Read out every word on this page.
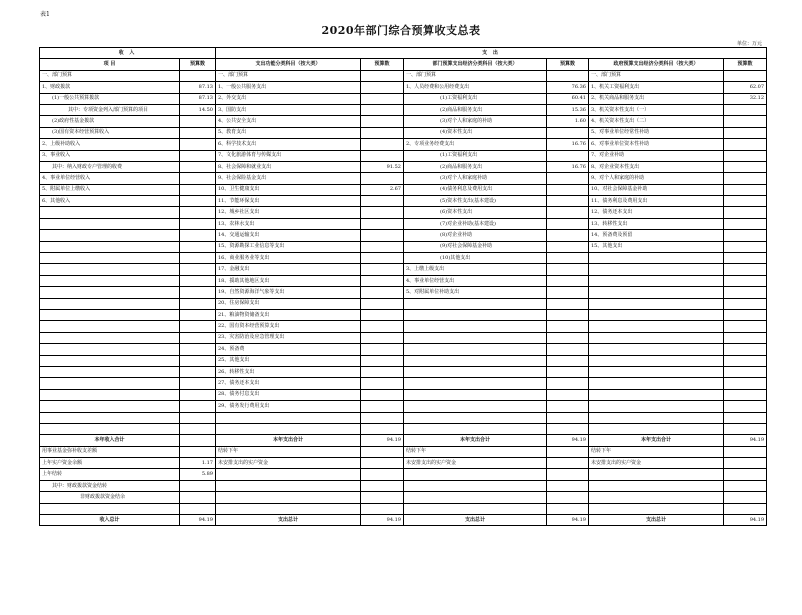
表1
2020年部门综合预算收支总表
单位：万元
收 入		支 出					
项 目	预算数	支出功能分类科目（按大类）	预算数	部门预算支出经济分类科目（按大类）	预算数	政府预算支出经济分类科目（按大类）	预算数
一、部门预算		一、部门预算		一、部门预算		一、部门预算	
1、财政拨款	87.13	1、一般公共服务支出		1、人员经费和公用经费支出	76.36	1、机关工资福利支出	62.07
(1)一般公共预算拨款	87.13	2、外交支出		(1)工资福利支出	60.41	2、机关商品和服务支出	32.12
其中：专项资金列入部门预算的项目	14.50	3、国防支出		(2)商品和服务支出	15.36	3、机关资本性支出（一）	
(2)政府性基金拨款		4、公共安全支出		(3)对个人和家庭的补助	1.60	4、机关资本性支出（二）	
(3)国有资本经营预算收入		5、教育支出		(4)资本性支出		5、对事业单位经常性补助	
2、上级补助收入		6、科学技术支出		2、专项业务经费支出	16.76	6、对事业单位资本性补助	
3、事业收入		7、文化旅游体育与传媒支出		(1)工资福利支出		7、对企业补助	
其中：纳入财政专户管理的收费		8、社会保障和就业支出	91.52	(2)商品和服务支出	16.76	8、对企业资本性支出	
4、事业单位经营收入		9、社会保险基金支出		(3)对个人和家庭补助		9、对个人和家庭的补助	
5、附属单位上缴收入		10、卫生健康支出	2.67	(4)债务利息及费用支出		10、对社会保障基金补助	
6、其他收入		11、节能环保支出		(5)资本性支出(基本建设)		11、债务利息及费用支出	
		12、城乡社区支出		(6)资本性支出		12、债务还本支出	
		13、农林水支出		(7)对企业补助(基本建设)		13、转移性支出	
		14、交通运输支出		(8)对企业补助		14、预备费及预留	
		15、资源勘探工业信息等支出		(9)对社会保障基金补助		15、其他支出	
		16、商业服务业等支出		(10)其他支出			
		17、金融支出		3、上缴上级支出			
		18、援助其他地区支出		4、事业单位经营支出			
		19、自然资源海洋气象等支出		5、对附属单位补助支出			
		20、住房保障支出					
		21、粮油物资储备支出					
		22、国有资本经营预算支出					
		23、灾害防治及应急管理支出					
		24、预备费					
		25、其他支出					
		26、转移性支出					
		27、债务还本支出					
		28、债务付息支出					
		29、债务发行费用支出					

本年收入合计		本年支出合计	94.19	本年支出合计	94.19	本年支出合计	94.19
用事业基金弥补收支差额		结转下年		结转下年		结转下年	
上年实户资金余额	1.17	未安排支出的实户资金		未安排支出的实户资金		未安排支出的实户资金	
上年结转	5.89						
其中：财政拨款资金结转							
非财政拨款资金结余							

收入总计	94.19	支出总计	94.19	支出总计	94.19	支出总计	94.19
